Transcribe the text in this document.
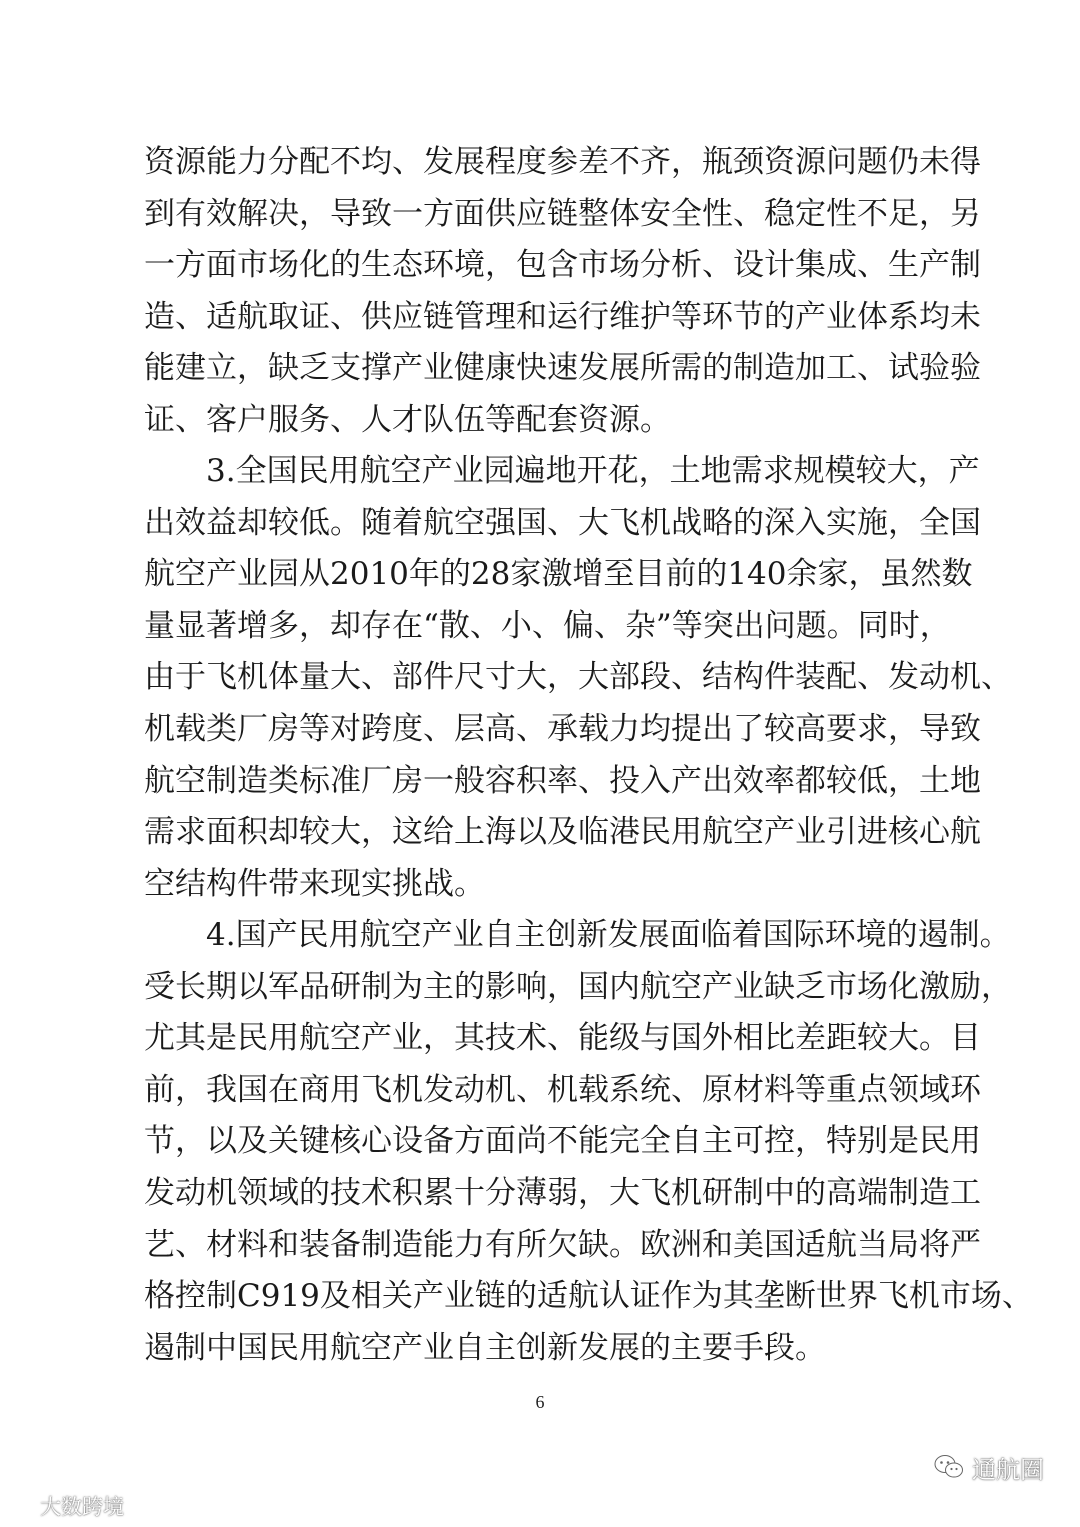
资源能力分配不均、发展程度参差不齐，瓶颈资源问题仍未得
到有效解决，导致一方面供应链整体安全性、稳定性不足，另
一方面市场化的生态环境，包含市场分析、设计集成、生产制
造、适航取证、供应链管理和运行维护等环节的产业体系均未
能建立，缺乏支撑产业健康快速发展所需的制造加工、试验验
证、客户服务、人才队伍等配套资源。
3.全国民用航空产业园遍地开花，土地需求规模较大，产
出效益却较低。随着航空强国、大飞机战略的深入实施，全国
航空产业园从2010年的28家激增至目前的140余家，虽然数
量显著增多，却存在“散、小、偏、杂”等突出问题。同时，
由于飞机体量大、部件尺寸大，大部段、结构件装配、发动机、
机载类厂房等对跨度、层高、承载力均提出了较高要求，导致
航空制造类标准厂房一般容积率、投入产出效率都较低，土地
需求面积却较大，这给上海以及临港民用航空产业引进核心航
空结构件带来现实挑战。
4.国产民用航空产业自主创新发展面临着国际环境的遏制。
受长期以军品研制为主的影响，国内航空产业缺乏市场化激励，
尤其是民用航空产业，其技术、能级与国外相比差距较大。目
前，我国在商用飞机发动机、机载系统、原材料等重点领域环
节，以及关键核心设备方面尚不能完全自主可控，特别是民用
发动机领域的技术积累十分薄弱，大飞机研制中的高端制造工
艺、材料和装备制造能力有所欠缺。欧洲和美国适航当局将严
格控制C919及相关产业链的适航认证作为其垄断世界飞机市场、
遏制中国民用航空产业自主创新发展的主要手段。
6
通航圈
大数跨境
